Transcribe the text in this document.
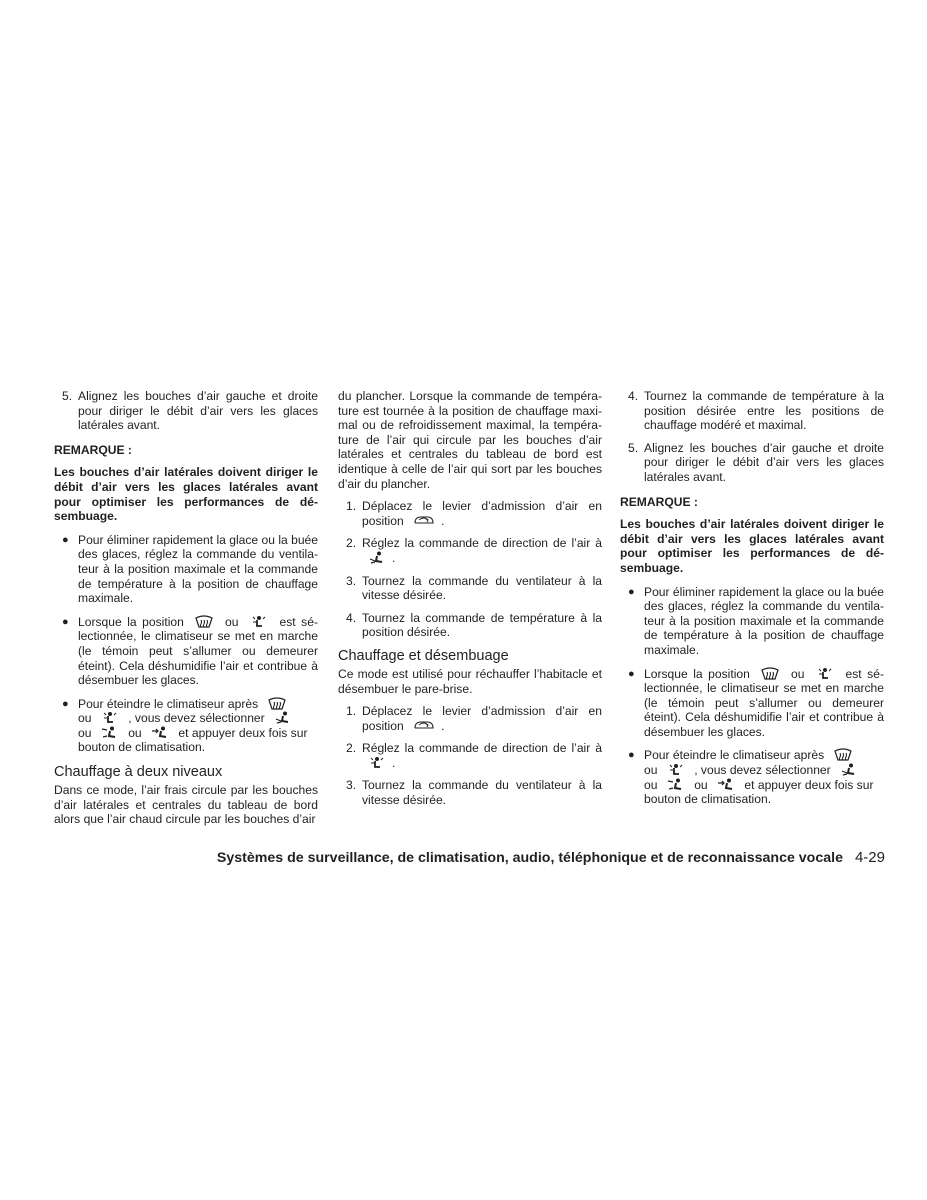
5. Alignez les bouches d’air gauche et droite pour diriger le débit d’air vers les glaces latérales avant.

REMARQUE :

Les bouches d’air latérales doivent diriger le débit d’air vers les glaces latérales avant pour optimiser les performances de désembuage.

● Pour éliminer rapidement la glace ou la buée des glaces, réglez la commande du ventilateur à la position maximale et la commande de température à la position de chauffage maximale.
● Lorsque la position	ou	est sélectionnée, le climatiseur se met en marche (le témoin peut s’allumer ou demeurer éteint). Cela déshumidifie l’air et contribue à désembuer les glaces.
● Pour éteindre le climatiseur après

ou	, vous devez sélectionner

ou	ou	et appuyer deux fois sur bouton de climatisation.
Chauffage à deux niveaux

Dans ce mode, l’air frais circule par les bouches d’air latérales et centrales du tableau de bord alors que l’air chaud circule par les bouches d’air

du plancher. Lorsque la commande de température est tournée à la position de chauffage maximal ou de refroidissement maximal, la température de l’air qui circule par les bouches d’air latérales et centrales du tableau de bord est identique à celle de l’air qui sort par les bouches d’air du plancher.

1. Déplacez le levier d’admission d’air en position	.
2. Réglez la commande de direction de l’air à
.
3. Tournez la commande du ventilateur à la vitesse désirée.
4. Tournez la commande de température à la position désirée.
Chauffage et désembuage

Ce mode est utilisé pour réchauffer l’habitacle et désembuer le pare-brise.

1. Déplacez le levier d’admission d’air en position	.
2. Réglez la commande de direction de l’air à
.
3. Tournez la commande du ventilateur à la vitesse désirée.
4. Tournez la commande de température à la position désirée entre les positions de chauffage modéré et maximal.
5. Alignez les bouches d’air gauche et droite pour diriger le débit d’air vers les glaces latérales avant.

REMARQUE :

Les bouches d’air latérales doivent diriger le débit d’air vers les glaces latérales avant pour optimiser les performances de désembuage.

● Pour éliminer rapidement la glace ou la buée des glaces, réglez la commande du ventilateur à la position maximale et la commande de température à la position de chauffage maximale.
● Lorsque la position	ou	est sélectionnée, le climatiseur se met en marche (le témoin peut s’allumer ou demeurer éteint). Cela déshumidifie l’air et contribue à désembuer les glaces.
● Pour éteindre le climatiseur après

ou	, vous devez sélectionner

ou	ou	et appuyer deux fois sur bouton de climatisation.
Systèmes de surveillance, de climatisation, audio, téléphonique et de reconnaissance vocale 4-29
